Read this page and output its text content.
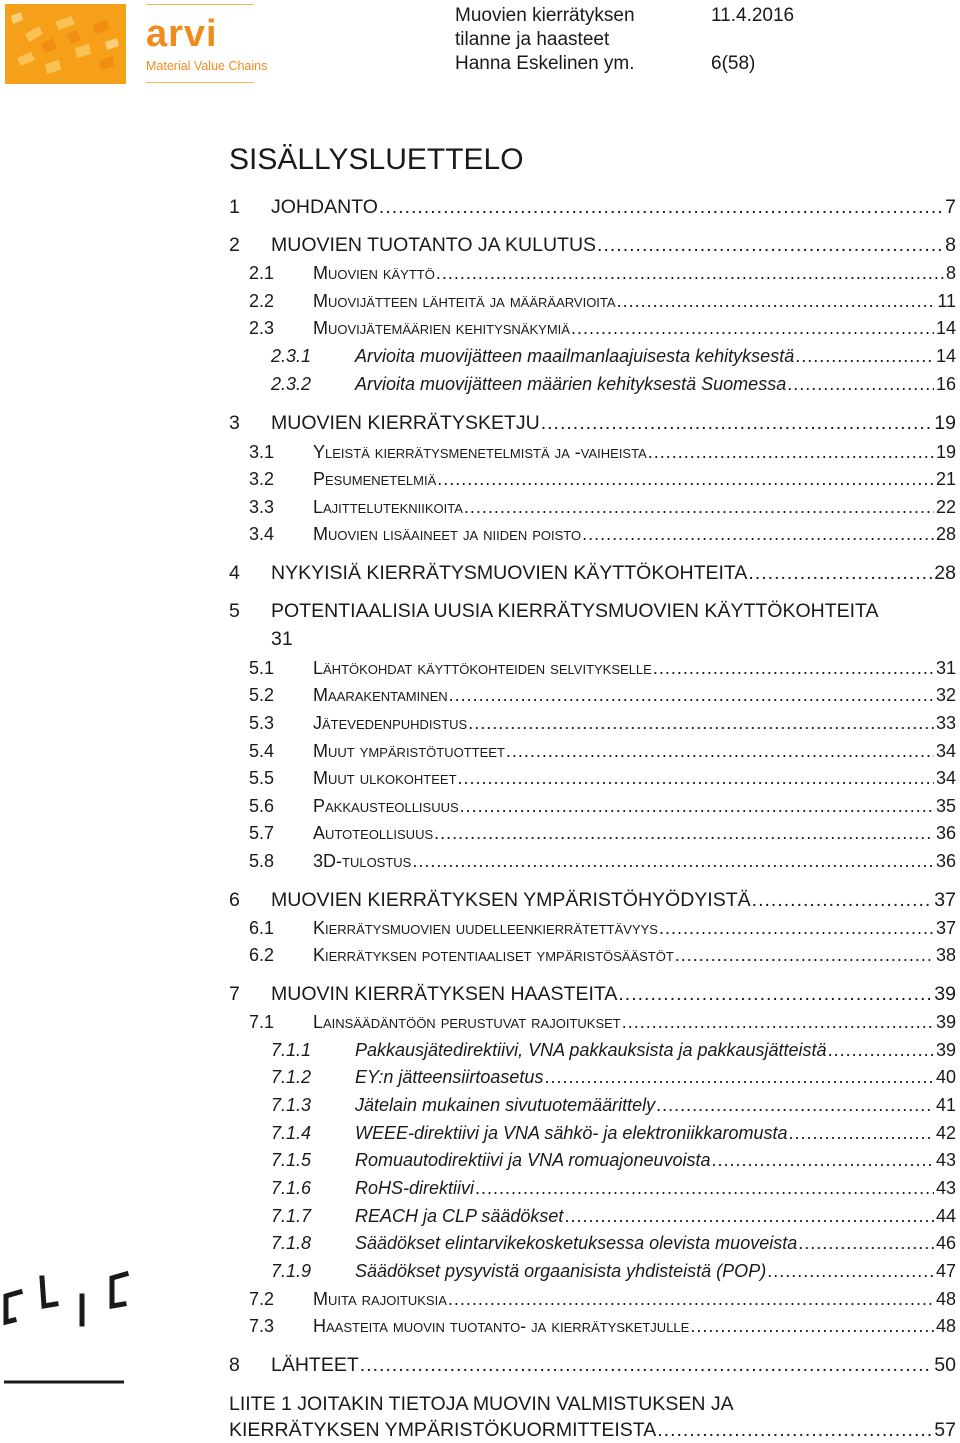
arvi
Material Value Chains
Muovien kierrätyksen
tilanne ja haasteet
Hanna Eskelinen ym.
11.4.2016
6(58)
SISÄLLYSLUETTELO
1 JOHDANTO .....	7
2 MUOVIEN TUOTANTO JA KULUTUS .....	8
2.1 Muovien käyttö .....	8
2.2 Muovijätteen lähteitä ja määräarvioita .....	11
2.3 Muovijätemäärien kehitysnäkymiä .....	14
2.3.1 Arvioita muovijätteen maailmanlaajuisesta kehityksestä .....	14
2.3.2 Arvioita muovijätteen määrien kehityksestä Suomessa .....	16
3 MUOVIEN KIERRÄTYSKETJU .....	19
3.1 Yleistä kierrätysmenetelmistä ja -vaiheista .....	19
3.2 Pesumenetelmiä .....	21
3.3 Lajittelutekniikoita .....	22
3.4 Muovien lisäaineet ja niiden poisto .....	28
4 NYKYISIÄ KIERRÄTYSMUOVIEN KÄYTTÖKOHTEITA .....	28
5 POTENTIAALISIA UUSIA KIERRÄTYSMUOVIEN KÄYTTÖKOHTEITA
31
5.1 Lähtökohdat käyttökohteiden selvitykselle .....	31
5.2 Maarakentaminen .....	32
5.3 Jätevedenpuhdistus .....	33
5.4 Muut ympäristötuotteet .....	34
5.5 Muut ulkokohteet .....	34
5.6 Pakkausteollisuus .....	35
5.7 Autoteollisuus .....	36
5.8 3D-tulostus .....	36
6 MUOVIEN KIERRÄTYKSEN YMPÄRISTÖHYÖDYISTÄ .....	37
6.1 Kierrätysmuovien uudelleenkierrätettävyys .....	37
6.2 Kierrätyksen potentiaaliset ympäristösäästöt .....	38
7 MUOVIN KIERRÄTYKSEN HAASTEITA .....	39
7.1 Lainsäädäntöön perustuvat rajoitukset .....	39
7.1.1 Pakkausjätedirektiivi, VNA pakkauksista ja pakkausjätteistä .....	39
7.1.2 EY:n jätteensiirtoasetus .....	40
7.1.3 Jätelain mukainen sivutuotemäärittely .....	41
7.1.4 WEEE-direktiivi ja VNA sähkö- ja elektroniikkaromusta .....	42
7.1.5 Romuautodirektiivi ja VNA romuajoneuvoista .....	43
7.1.6 RoHS-direktiivi .....	43
7.1.7 REACH ja CLP säädökset .....	44
7.1.8 Säädökset elintarvikekosketuksessa olevista muoveista .....	46
7.1.9 Säädökset pysyvistä orgaanisista yhdisteistä (POP) .....	47
7.2 Muita rajoituksia .....	48
7.3 Haasteita muovin tuotanto- ja kierrätysketjulle .....	48
8 LÄHTEET .....	50
LIITE 1 JOITAKIN TIETOJA MUOVIN VALMISTUKSEN JA
KIERRÄTYKSEN YMPÄRISTÖKUORMITTEISTA .....	57
